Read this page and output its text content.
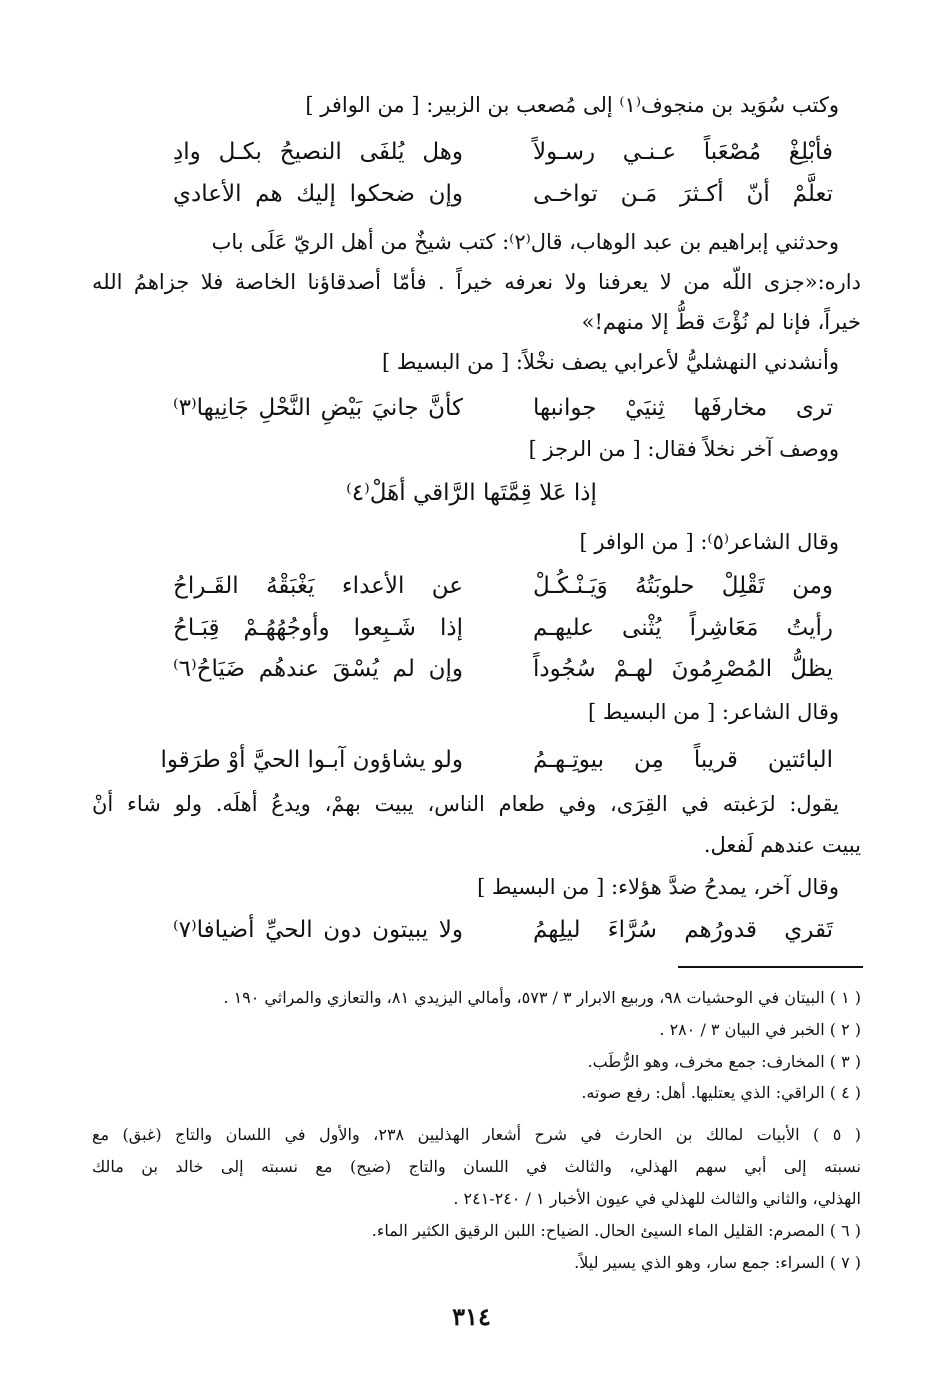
وكتب سُوَيد بن منجوف⁽١⁾ إلى مُصعب بن الزبير: [ من الوافر ]
فأبْلِغْ مُصْعَباً عـنـي رسـولاً
وهل يُلفَى النصيحُ بكـل وادِ
تعلَّمْ أنّ أكـثرَ مَـن تواخـى
وإن ضحكوا إليك هم الأعادي
وحدثني إبراهيم بن عبد الوهاب، قال⁽٢⁾: كتب شيخٌ من أهل الريّ عَلَى باب
داره:«جزى اللّه من لا يعرفنا ولا نعرفه خيراً . فأمّا أصدقاؤنا الخاصة فلا جزاهمُ الله
خيراً، فإنا لم نُؤْتَ قطُّ إلا منهم!»
وأنشدني النهشليُّ لأعرابي يصف نخْلاً: [ من البسيط ]
ترى مخارفَها ثِنيَيْ جوانبها
كأنَّ جانيَ بَيْضِ النَّحْلِ جَانِيها⁽٣⁾
ووصف آخر نخلاً فقال: [ من الرجز ]
إذا عَلا قِمَّتَها الرَّاقي أهَلْ⁽٤⁾
وقال الشاعر⁽٥⁾: [ من الوافر ]
ومن تَقْلِلْ حلوبَتُهُ وَيَـنْـكُـلْ
عن الأعداء يَغْبَقْهُ القَـراحُ
رأيتُ مَعَاشِراً يُثْنى عليهـم
إذا شَـبِعوا وأوجُهُهُـمْ قِبَـاحُ
يظلُّ المُصْرِمُونَ لهـمْ سُجُوداً
وإن لم يُسْقَ عندهُم ضَيَاحُ⁽٦⁾
وقال الشاعر: [ من البسيط ]
البائتين قريباً مِن بيوتِـهـمُ
ولو يشاؤون آبـوا الحيَّ أوْ طرَقوا
يقول: لرَغبته في القِرَى، وفي طعام الناس، يبيت بهمْ، ويدعُ أهلَه. ولو شاء أنْ
يبيت عندهم لَفعل.
وقال آخر، يمدحُ ضدَّ هؤلاء: [ من البسيط ]
تَقري قدورُهم سُرَّاءَ ليلِهمُ
ولا يبيتون دون الحيِّ أضيافا⁽٧⁾
( ١ ) البيتان في الوحشيات ٩٨، وربيع الابرار ٣ / ٥٧٣، وأمالي اليزيدي ٨١، والتعازي والمراثي ١٩٠ .
( ٢ ) الخبر في البيان ٣ / ٢٨٠ .
( ٣ ) المخارف: جمع مخرف، وهو الرُّطَب.
( ٤ ) الراقي: الذي يعتليها. أهل: رفع صوته.
( ٥ ) الأبيات لمالك بن الحارث في شرح أشعار الهذليين ٢٣٨، والأول في اللسان والتاج (غبق) مع
نسبته إلى أبي سهم الهذلي، والثالث في اللسان والتاج (ضيح) مع نسبته إلى خالد بن مالك
الهذلي، والثاني والثالث للهذلي في عيون الأخبار ١ / ٢٤٠-٢٤١ .
( ٦ ) المصرم: القليل الماء السيئ الحال. الضياح: اللبن الرقيق الكثير الماء.
( ٧ ) السراء: جمع سار، وهو الذي يسير ليلاً.
٣١٤
